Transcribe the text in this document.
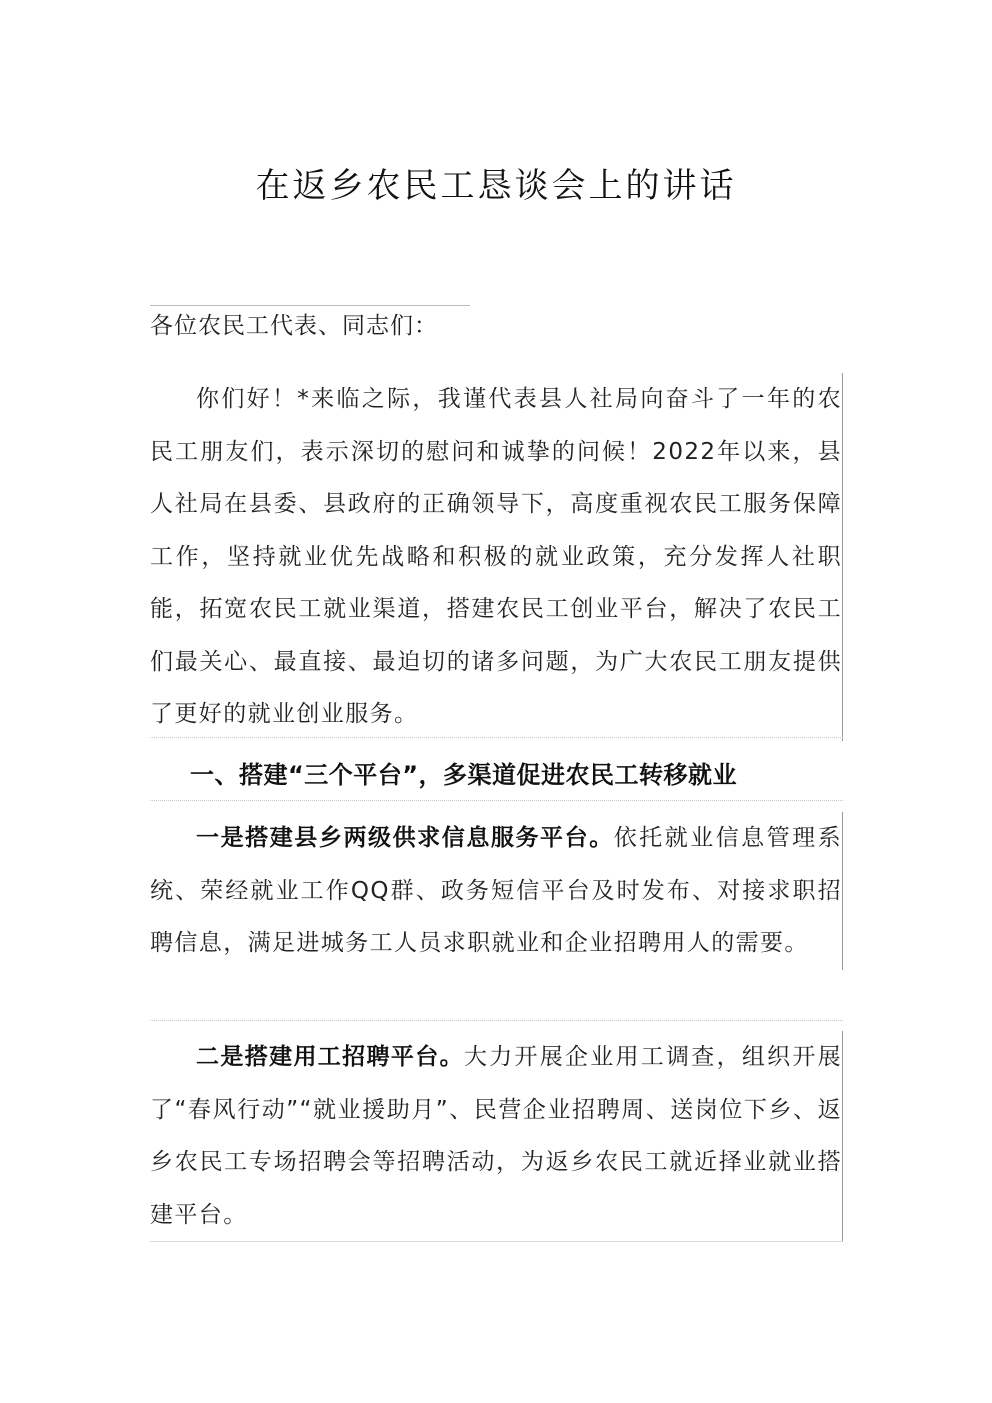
在返乡农民工恳谈会上的讲话
各位农民工代表、同志们：

你们好！*来临之际，我谨代表县人社局向奋斗了一年的农民工朋友们，表示深切的慰问和诚挚的问候！2022年以来，县人社局在县委、县政府的正确领导下，高度重视农民工服务保障工作，坚持就业优先战略和积极的就业政策，充分发挥人社职能，拓宽农民工就业渠道，搭建农民工创业平台，解决了农民工们最关心、最直接、最迫切的诸多问题，为广大农民工朋友提供了更好的就业创业服务。

一、搭建“三个平台”，多渠道促进农民工转移就业

一是搭建县乡两级供求信息服务平台。依托就业信息管理系统、荣经就业工作QQ群、政务短信平台及时发布、对接求职招聘信息，满足进城务工人员求职就业和企业招聘用人的需要。

二是搭建用工招聘平台。大力开展企业用工调查，组织开展了“春风行动”“就业援助月”、民营企业招聘周、送岗位下乡、返乡农民工专场招聘会等招聘活动，为返乡农民工就近择业就业搭建平台。
